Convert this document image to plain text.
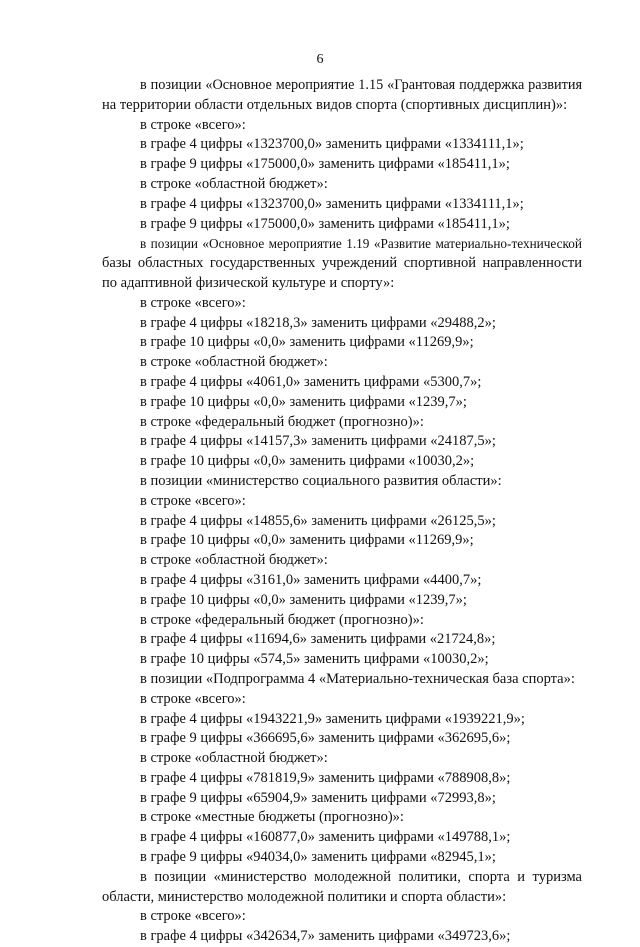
6
в позиции «Основное мероприятие 1.15 «Грантовая поддержка развития
на территории области отдельных видов спорта (спортивных дисциплин)»:
в строке «всего»:
в графе 4 цифры «1323700,0» заменить цифрами «1334111,1»;
в графе 9 цифры «175000,0» заменить цифрами «185411,1»;
в строке «областной бюджет»:
в графе 4 цифры «1323700,0» заменить цифрами «1334111,1»;
в графе 9 цифры «175000,0» заменить цифрами «185411,1»;
в позиции «Основное мероприятие 1.19 «Развитие материально-технической
базы областных государственных учреждений спортивной направленности
по адаптивной физической культуре и спорту»:
в строке «всего»:
в графе 4 цифры «18218,3» заменить цифрами «29488,2»;
в графе 10 цифры «0,0» заменить цифрами «11269,9»;
в строке «областной бюджет»:
в графе 4 цифры «4061,0» заменить цифрами «5300,7»;
в графе 10 цифры «0,0» заменить цифрами «1239,7»;
в строке «федеральный бюджет (прогнозно)»:
в графе 4 цифры «14157,3» заменить цифрами «24187,5»;
в графе 10 цифры «0,0» заменить цифрами «10030,2»;
в позиции «министерство социального развития области»:
в строке «всего»:
в графе 4 цифры «14855,6» заменить цифрами «26125,5»;
в графе 10 цифры «0,0» заменить цифрами «11269,9»;
в строке «областной бюджет»:
в графе 4 цифры «3161,0» заменить цифрами «4400,7»;
в графе 10 цифры «0,0» заменить цифрами «1239,7»;
в строке «федеральный бюджет (прогнозно)»:
в графе 4 цифры «11694,6» заменить цифрами «21724,8»;
в графе 10 цифры «574,5» заменить цифрами «10030,2»;
в позиции «Подпрограмма 4 «Материально-техническая база спорта»:
в строке «всего»:
в графе 4 цифры «1943221,9» заменить цифрами «1939221,9»;
в графе 9 цифры «366695,6» заменить цифрами «362695,6»;
в строке «областной бюджет»:
в графе 4 цифры «781819,9» заменить цифрами «788908,8»;
в графе 9 цифры «65904,9» заменить цифрами «72993,8»;
в строке «местные бюджеты (прогнозно)»:
в графе 4 цифры «160877,0» заменить цифрами «149788,1»;
в графе 9 цифры «94034,0» заменить цифрами «82945,1»;
в позиции «министерство молодежной политики, спорта и туризма
области, министерство молодежной политики и спорта области»:
в строке «всего»:
в графе 4 цифры «342634,7» заменить цифрами «349723,6»;
